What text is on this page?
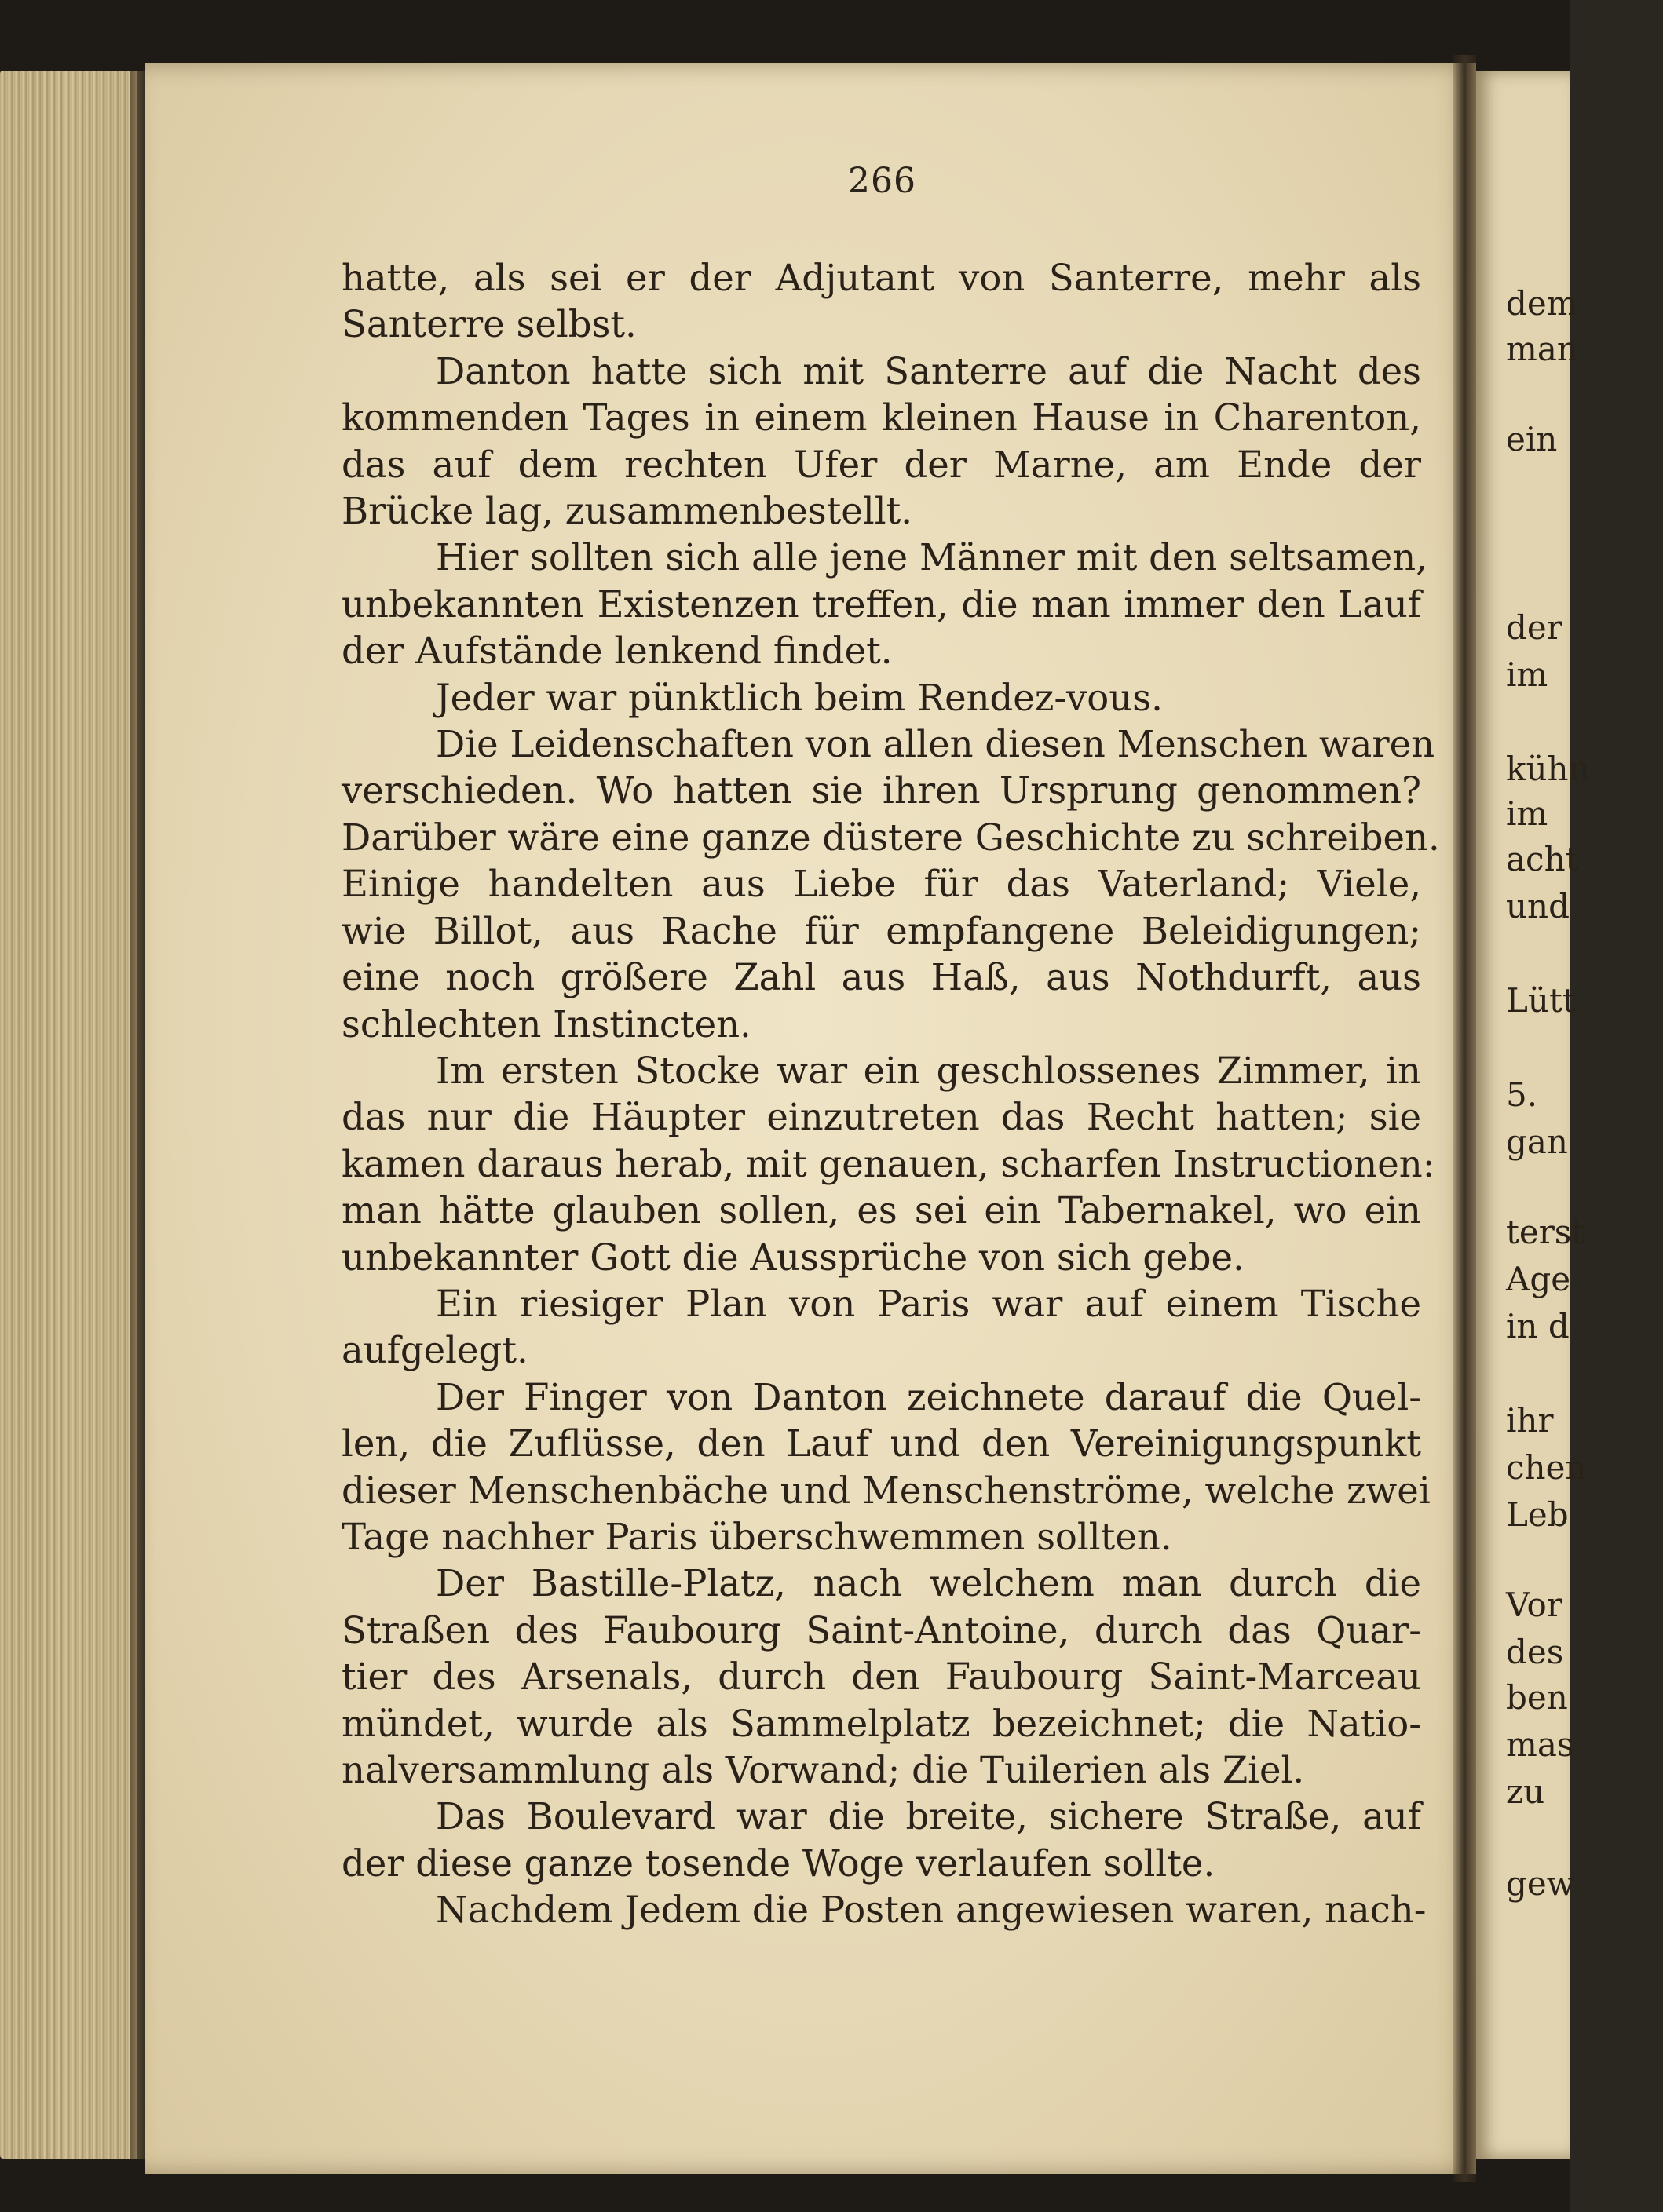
266
hatte, als sei er der Adjutant von Santerre, mehr als
Santerre selbst.
Danton hatte sich mit Santerre auf die Nacht des
kommenden Tages in einem kleinen Hause in Charenton,
das auf dem rechten Ufer der Marne, am Ende der
Brücke lag, zusammenbestellt.
Hier sollten sich alle jene Männer mit den seltsamen,
unbekannten Existenzen treffen, die man immer den Lauf
der Aufstände lenkend findet.
Jeder war pünktlich beim Rendez-vous.
Die Leidenschaften von allen diesen Menschen waren
verschieden. Wo hatten sie ihren Ursprung genommen?
Darüber wäre eine ganze düstere Geschichte zu schreiben.
Einige handelten aus Liebe für das Vaterland; Viele,
wie Billot, aus Rache für empfangene Beleidigungen;
eine noch größere Zahl aus Haß, aus Nothdurft, aus
schlechten Instincten.
Im ersten Stocke war ein geschlossenes Zimmer, in
das nur die Häupter einzutreten das Recht hatten; sie
kamen daraus herab, mit genauen, scharfen Instructionen:
man hätte glauben sollen, es sei ein Tabernakel, wo ein
unbekannter Gott die Aussprüche von sich gebe.
Ein riesiger Plan von Paris war auf einem Tische
aufgelegt.
Der Finger von Danton zeichnete darauf die Quel-
len, die Zuflüsse, den Lauf und den Vereinigungspunkt
dieser Menschenbäche und Menschenströme, welche zwei
Tage nachher Paris überschwemmen sollten.
Der Bastille-Platz, nach welchem man durch die
Straßen des Faubourg Saint-Antoine, durch das Quar-
tier des Arsenals, durch den Faubourg Saint-Marceau
mündet, wurde als Sammelplatz bezeichnet; die Natio-
nalversammlung als Vorwand; die Tuilerien als Ziel.
Das Boulevard war die breite, sichere Straße, auf
der diese ganze tosende Woge verlaufen sollte.
Nachdem Jedem die Posten angewiesen waren, nach-
dem
man
ein
der
im
kühn
im
acht
und
Lütt
5.
gan
terst
Age
in d
ihr
chen
Leb
Vor
des
ben
mas
zu
gew
